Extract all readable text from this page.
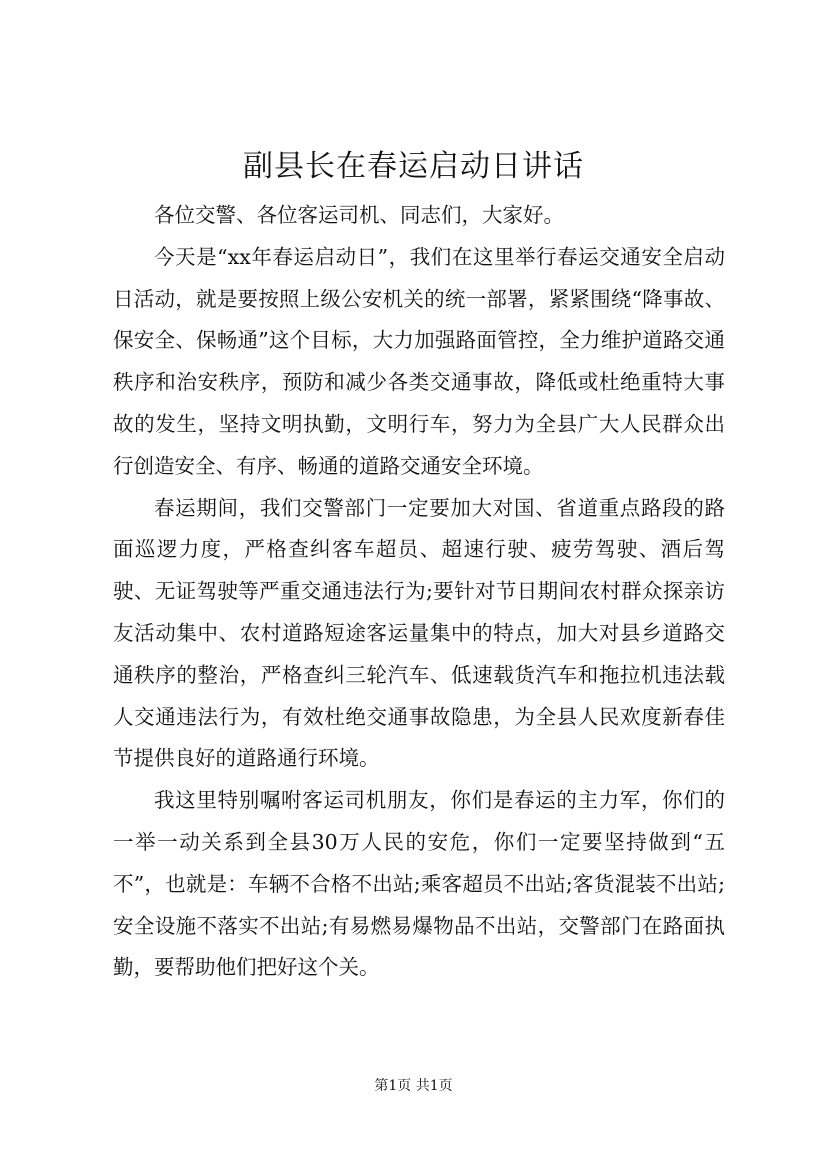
副县长在春运启动日讲话

各位交警、各位客运司机、同志们，大家好。

今天是“xx年春运启动日”，我们在这里举行春运交通安全启动日活动，就是要按照上级公安机关的统一部署，紧紧围绕“降事故、保安全、保畅通”这个目标，大力加强路面管控，全力维护道路交通秩序和治安秩序，预防和减少各类交通事故，降低或杜绝重特大事故的发生，坚持文明执勤，文明行车，努力为全县广大人民群众出行创造安全、有序、畅通的道路交通安全环境。

春运期间，我们交警部门一定要加大对国、省道重点路段的路面巡逻力度，严格查纠客车超员、超速行驶、疲劳驾驶、酒后驾驶、无证驾驶等严重交通违法行为;要针对节日期间农村群众探亲访友活动集中、农村道路短途客运量集中的特点，加大对县乡道路交通秩序的整治，严格查纠三轮汽车、低速载货汽车和拖拉机违法载人交通违法行为，有效杜绝交通事故隐患，为全县人民欢度新春佳节提供良好的道路通行环境。

我这里特别嘱咐客运司机朋友，你们是春运的主力军，你们的一举一动关系到全县30万人民的安危，你们一定要坚持做到“五不”，也就是：车辆不合格不出站;乘客超员不出站;客货混装不出站;安全设施不落实不出站;有易燃易爆物品不出站，交警部门在路面执勤，要帮助他们把好这个关。

第1页 共1页
